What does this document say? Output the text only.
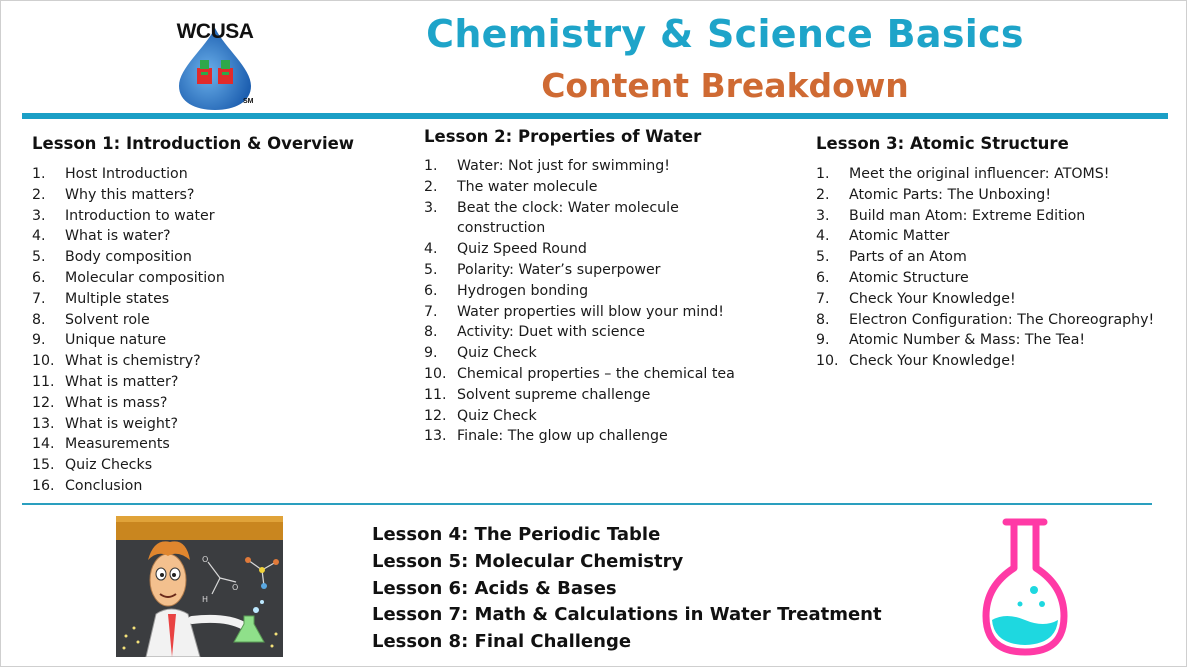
WCUSA
SM
Chemistry & Science Basics
Content Breakdown
Lesson 1: Introduction & Overview
1. Host Introduction
2. Why this matters?
3. Introduction to water
4. What is water?
5. Body composition
6. Molecular composition
7. Multiple states
8. Solvent role
9. Unique nature
10. What is chemistry?
11. What is matter?
12. What is mass?
13. What is weight?
14. Measurements
15. Quiz Checks
16. Conclusion
Lesson 2: Properties of Water
1. Water: Not just for swimming!
2. The water molecule
3. Beat the clock: Water molecule construction
4. Quiz Speed Round
5. Polarity: Water’s superpower
6. Hydrogen bonding
7. Water properties will blow your mind!
8. Activity: Duet with science
9. Quiz Check
10. Chemical properties – the chemical tea
11. Solvent supreme challenge
12. Quiz Check
13. Finale: The glow up challenge
Lesson 3: Atomic Structure
1. Meet the original influencer: ATOMS!
2. Atomic Parts: The Unboxing!
3. Build man Atom: Extreme Edition
4. Atomic Matter
5. Parts of an Atom
6. Atomic Structure
7. Check Your Knowledge!
8. Electron Configuration: The Choreography!
9. Atomic Number & Mass: The Tea!
10. Check Your Knowledge!
O
H
O
Lesson 4: The Periodic Table
Lesson 5: Molecular Chemistry
Lesson 6: Acids & Bases
Lesson 7: Math & Calculations in Water Treatment
Lesson 8: Final Challenge
